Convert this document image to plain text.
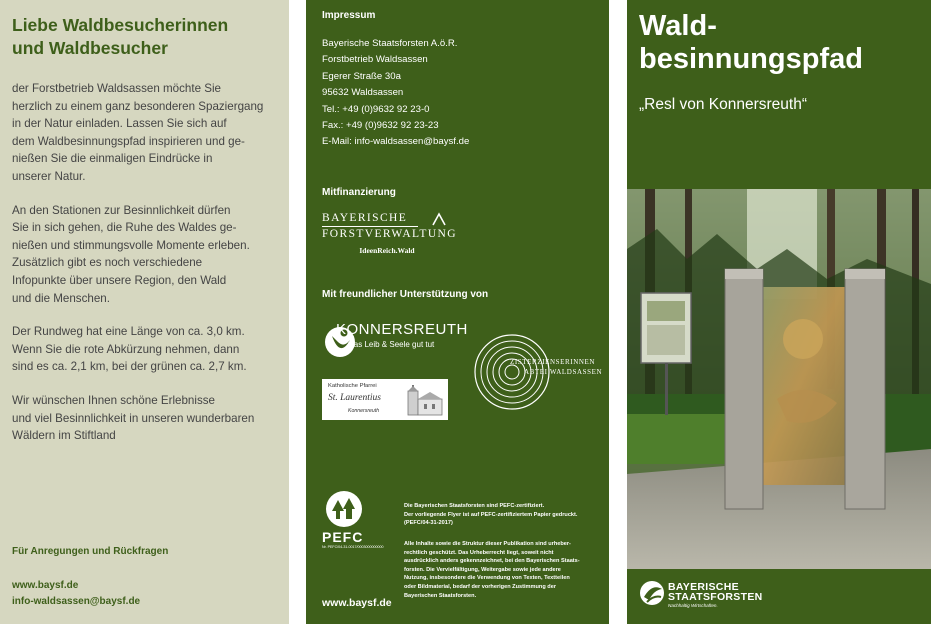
Liebe Waldbesucherinnen
und Waldbesucher

der Forstbetrieb Waldsassen möchte Sie
herzlich zu einem ganz besonderen Spaziergang
in der Natur einladen. Lassen Sie sich auf
dem Waldbesinnungspfad inspirieren und ge-
nießen Sie die einmaligen Eindrücke in
unserer Natur.

An den Stationen zur Besinnlichkeit dürfen
Sie in sich gehen, die Ruhe des Waldes ge-
nießen und stimmungsvolle Momente erleben.
Zusätzlich gibt es noch verschiedene
Infopunkte über unsere Region, den Wald
und die Menschen.

Der Rundweg hat eine Länge von ca. 3,0 km.
Wenn Sie die rote Abkürzung nehmen, dann
sind es ca. 2,1 km, bei der grünen ca. 2,7 km.

Wir wünschen Ihnen schöne Erlebnisse
und viel Besinnlichkeit in unseren wunderbaren
Wäldern im Stiftland

Für Anregungen und Rückfragen
www.baysf.de
info-waldsassen@baysf.de
Impressum
Bayerische Staatsforsten A.ö.R.
Forstbetrieb Waldsassen
Egerer Straße 30a
95632 Waldsassen
Tel.: +49 (0)9632 92 23-0
Fax.: +49 (0)9632 92 23-23
E-Mail: info-waldsassen@baysf.de
Mitfinanzierung
BAYERISCHE
FORSTVERWALTUNG
IdeenReich.Wald
Mit freundlicher Unterstützung von
KONNERSREUTH
was Leib & Seele gut tut
Katholische Pfarrei
St. Laurentius
Konnersreuth
ZISTERZIENSERINNEN
ABTEI WALDSASSEN
PEFC
Nr. PEFC/04-31-0017/0003000000000
Die Bayerischen Staatsforsten sind PEFC-zertifiziert.
Der vorliegende Flyer ist auf PEFC-zertifiziertem Papier gedruckt.
(PEFC/04-31-2017)
Alle Inhalte sowie die Struktur dieser Publikation sind urheber-
rechtlich geschützt. Das Urheberrecht liegt, soweit nicht
ausdrücklich anders gekennzeichnet, bei den Bayerischen Staats-
forsten. Die Vervielfältigung, Weitergabe sowie jede andere
Nutzung, insbesondere die Verwendung von Texten, Textteilen
oder Bildmaterial, bedarf der vorherigen Zustimmung der
Bayerischen Staatsforsten.
www.baysf.de
Wald-
besinnungspfad
„Resl von Konnersreuth“
BAYERISCHE
STAATSFORSTEN
Nachhaltig Wirtschaften.
